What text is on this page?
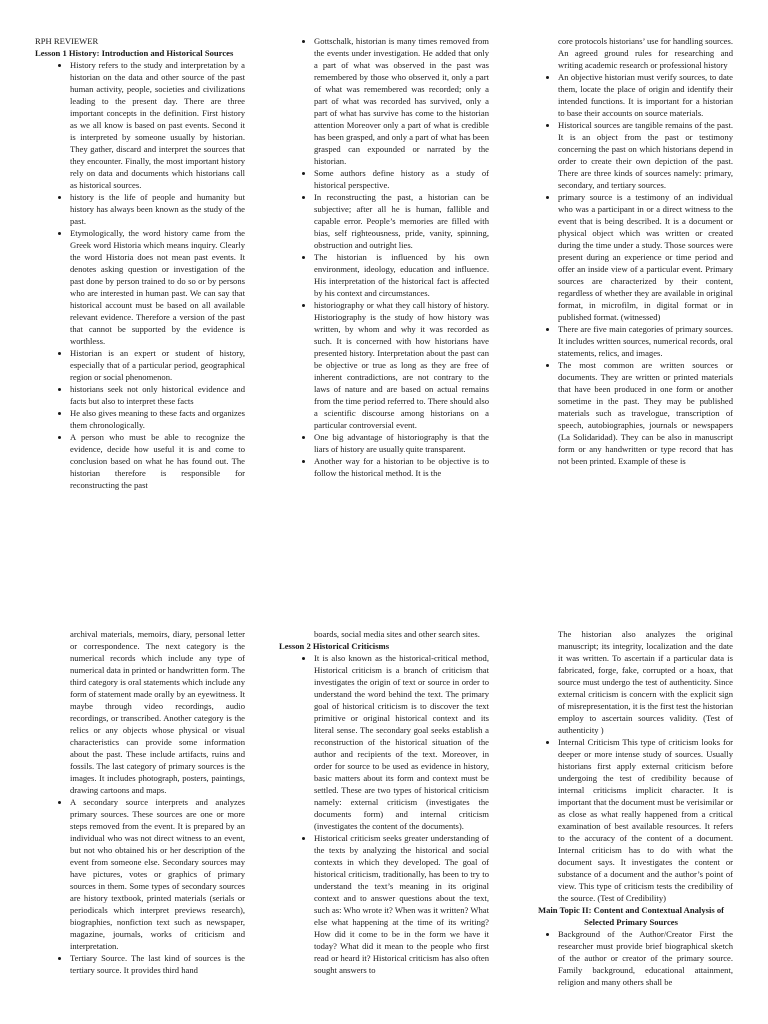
RPH REVIEWER

Lesson 1 History: Introduction and Historical Sources

• History refers to the study and interpretation by a historian on the data and other source of the past human activity, people, societies and civilizations leading to the present day. There are three important concepts in the definition. First history as we all know is based on past events. Second it is interpreted by someone usually by historian. They gather, discard and interpret the sources that they encounter. Finally, the most important history rely on data and documents which historians call as historical sources.
• history is the life of people and humanity but history has always been known as the study of the past.
• Etymologically, the word history came from the Greek word Historia which means inquiry. Clearly the word Historia does not mean past events. It denotes asking question or investigation of the past done by person trained to do so or by persons who are interested in human past. We can say that historical account must be based on all available relevant evidence. Therefore a version of the past that cannot be supported by the evidence is worthless.
• Historian is an expert or student of history, especially that of a particular period, geographical region or social phenomenon.
• historians seek not only historical evidence and facts but also to interpret these facts
• He also gives meaning to these facts and organizes them chronologically.
• A person who must be able to recognize the evidence, decide how useful it is and come to conclusion based on what he has found out. The historian therefore is responsible for reconstructing the past
• Gottschalk, historian is many times removed from the events under investigation. He added that only a part of what was observed in the past was remembered by those who observed it, only a part of what was remembered was recorded; only a part of what was recorded has survived, only a part of what has survive has come to the historian attention Moreover only a part of what is credible has been grasped, and only a part of what has been grasped can expounded or narrated by the historian.
• Some authors define history as a study of historical perspective.
• In reconstructing the past, a historian can be subjective; after all he is human, fallible and capable error. People’s memories are filled with bias, self righteousness, pride, vanity, spinning, obstruction and outright lies.
• The historian is influenced by his own environment, ideology, education and influence. His interpretation of the historical fact is affected by his context and circumstances.
• historiography or what they call history of history. Historiography is the study of how history was written, by whom and why it was recorded as such. It is concerned with how historians have presented history. Interpretation about the past can be objective or true as long as they are free of inherent contradictions, are not contrary to the laws of nature and are based on actual remains from the time period referred to. There should also a scientific discourse among historians on a particular controversial event.
• One big advantage of historiography is that the liars of history are usually quite transparent.
• Another way for a historian to be objective is to follow the historical method. It is the

core protocols historians’ use for handling sources. An agreed ground rules for researching and writing academic research or professional history

• An objective historian must verify sources, to date them, locate the place of origin and identify their intended functions. It is important for a historian to base their accounts on source materials.
• Historical sources are tangible remains of the past. It is an object from the past or testimony concerning the past on which historians depend in order to create their own depiction of the past. There are three kinds of sources namely: primary, secondary, and tertiary sources.
• primary source is a testimony of an individual who was a participant in or a direct witness to the event that is being described. It is a document or physical object which was written or created during the time under a study. Those sources were present during an experience or time period and offer an inside view of a particular event. Primary sources are characterized by their content, regardless of whether they are available in original format, in microfilm, in digital format or in published format. (witnessed)
• There are five main categories of primary sources. It includes written sources, numerical records, oral statements, relics, and images.
• The most common are written sources or documents. They are written or printed materials that have been produced in one form or another sometime in the past. They may be published materials such as travelogue, transcription of speech, autobiographies, journals or newspapers (La Solidaridad). They can be also in manuscript form or any handwritten or type record that has not been printed. Example of these is

archival materials, memoirs, diary, personal letter or correspondence. The next category is the numerical records which include any type of numerical data in printed or handwritten form. The third category is oral statements which include any form of statement made orally by an eyewitness. It maybe through video recordings, audio recordings, or transcribed. Another category is the relics or any objects whose physical or visual characteristics can provide some information about the past. These include artifacts, ruins and fossils. The last category of primary sources is the images. It includes photograph, posters, paintings, drawing cartoons and maps.

• A secondary source interprets and analyzes primary sources. These sources are one or more steps removed from the event. It is prepared by an individual who was not direct witness to an event, but not who obtained his or her description of the event from someone else. Secondary sources may have pictures, votes or graphics of primary sources in them. Some types of secondary sources are history textbook, printed materials (serials or periodicals which interpret previews research), biographies, nonfiction text such as newspaper, magazine, journals, works of criticism and interpretation.
• Tertiary Source. The last kind of sources is the tertiary source. It provides third hand

boards, social media sites and other search sites.

Lesson 2 Historical Criticisms

• It is also known as the historical-critical method, Historical criticism is a branch of criticism that investigates the origin of text or source in order to understand the word behind the text. The primary goal of historical criticism is to discover the text primitive or original historical context and its literal sense. The secondary goal seeks establish a reconstruction of the historical situation of the author and recipients of the text. Moreover, in order for source to be used as evidence in history, basic matters about its form and context must be settled. These are two types of historical criticism namely: external criticism (investigates the documents form) and internal criticism (investigates the content of the documents).
• Historical criticism seeks greater understanding of the texts by analyzing the historical and social contexts in which they developed. The goal of historical criticism, traditionally, has been to try to understand the text’s meaning in its original context and to answer questions about the text, such as: Who wrote it? When was it written? What else what happening at the time of its writing? How did it come to be in the form we have it today? What did it mean to the people who first read or heard it? Historical criticism has also often sought answers to

The historian also analyzes the original manuscript; its integrity, localization and the date it was written. To ascertain if a particular data is fabricated, forge, fake, corrupted or a hoax, that source must undergo the test of authenticity. Since external criticism is concern with the explicit sign of misrepresentation, it is the first test the historian employ to ascertain sources validity. (Test of authenticity )

• Internal Criticism This type of criticism looks for deeper or more intense study of sources. Usually historians first apply external criticism before undergoing the test of credibility because of internal criticisms implicit character. It is important that the document must be verisimilar or as close as what really happened from a critical examination of best available resources. It refers to the accuracy of the content of a document. Internal criticism has to do with what the document says. It investigates the content or substance of a document and the author’s point of view. This type of criticism tests the credibility of the source. (Test of Credibility)

Main Topic II: Content and Contextual Analysis of Selected Primary Sources

• Background of the Author/Creator First the researcher must provide brief biographical sketch of the author or creator of the primary source. Family background, educational attainment, religion and many others shall be
